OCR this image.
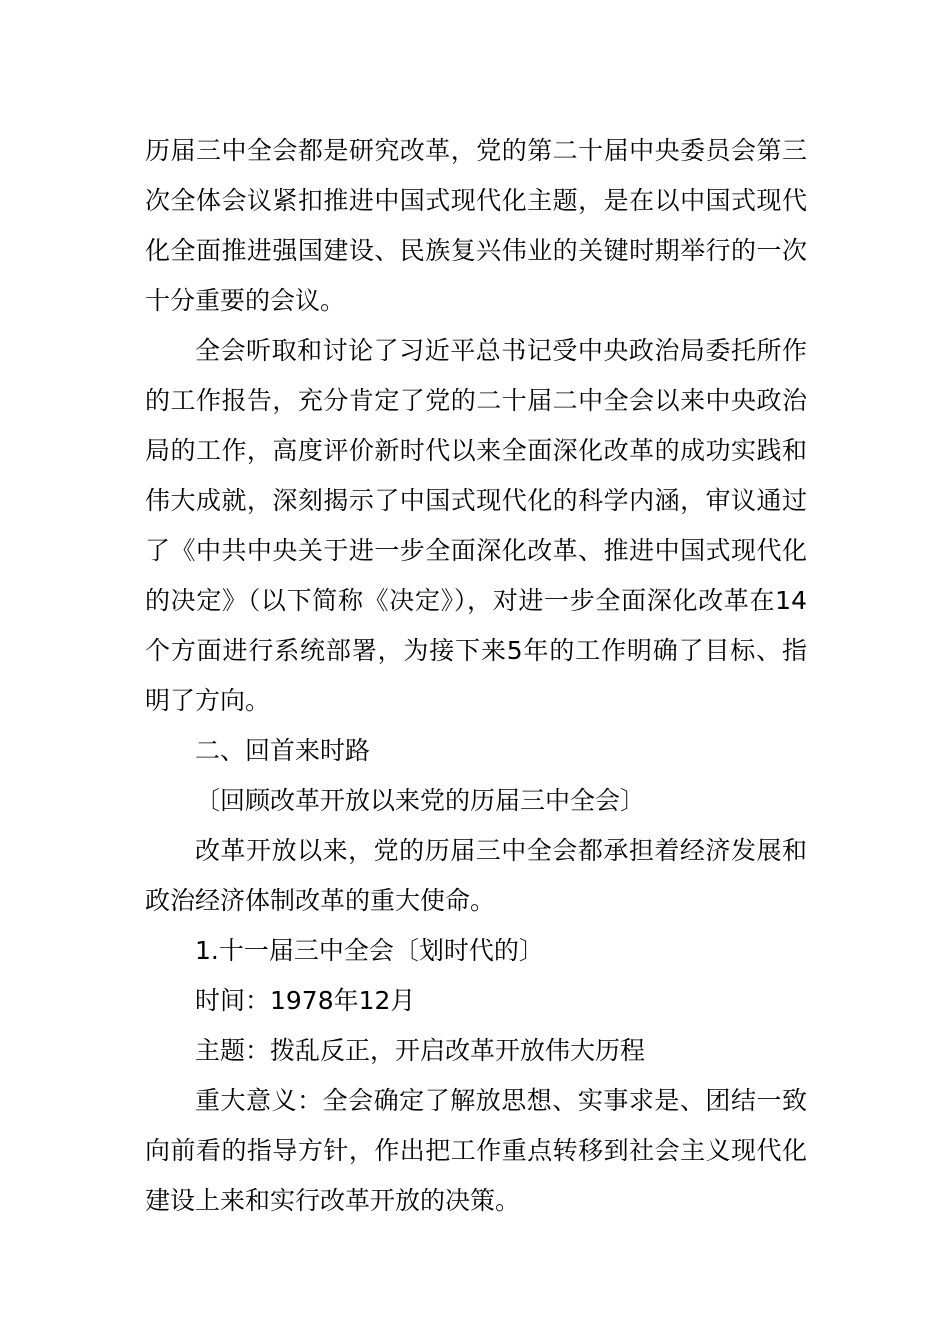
历届三中全会都是研究改革，党的第二十届中央委员会第三次全体会议紧扣推进中国式现代化主题，是在以中国式现代化全面推进强国建设、民族复兴伟业的关键时期举行的一次十分重要的会议。

全会听取和讨论了习近平总书记受中央政治局委托所作的工作报告，充分肯定了党的二十届二中全会以来中央政治局的工作，高度评价新时代以来全面深化改革的成功实践和伟大成就，深刻揭示了中国式现代化的科学内涵，审议通过了《中共中央关于进一步全面深化改革、推进中国式现代化的决定》（以下简称《决定》），对进一步全面深化改革在14个方面进行系统部署，为接下来5年的工作明确了目标、指明了方向。

二、回首来时路

〔回顾改革开放以来党的历届三中全会〕

改革开放以来，党的历届三中全会都承担着经济发展和政治经济体制改革的重大使命。

1.十一届三中全会〔划时代的〕

时间：1978年12月

主题：拨乱反正，开启改革开放伟大历程

重大意义：全会确定了解放思想、实事求是、团结一致向前看的指导方针，作出把工作重点转移到社会主义现代化建设上来和实行改革开放的决策。
